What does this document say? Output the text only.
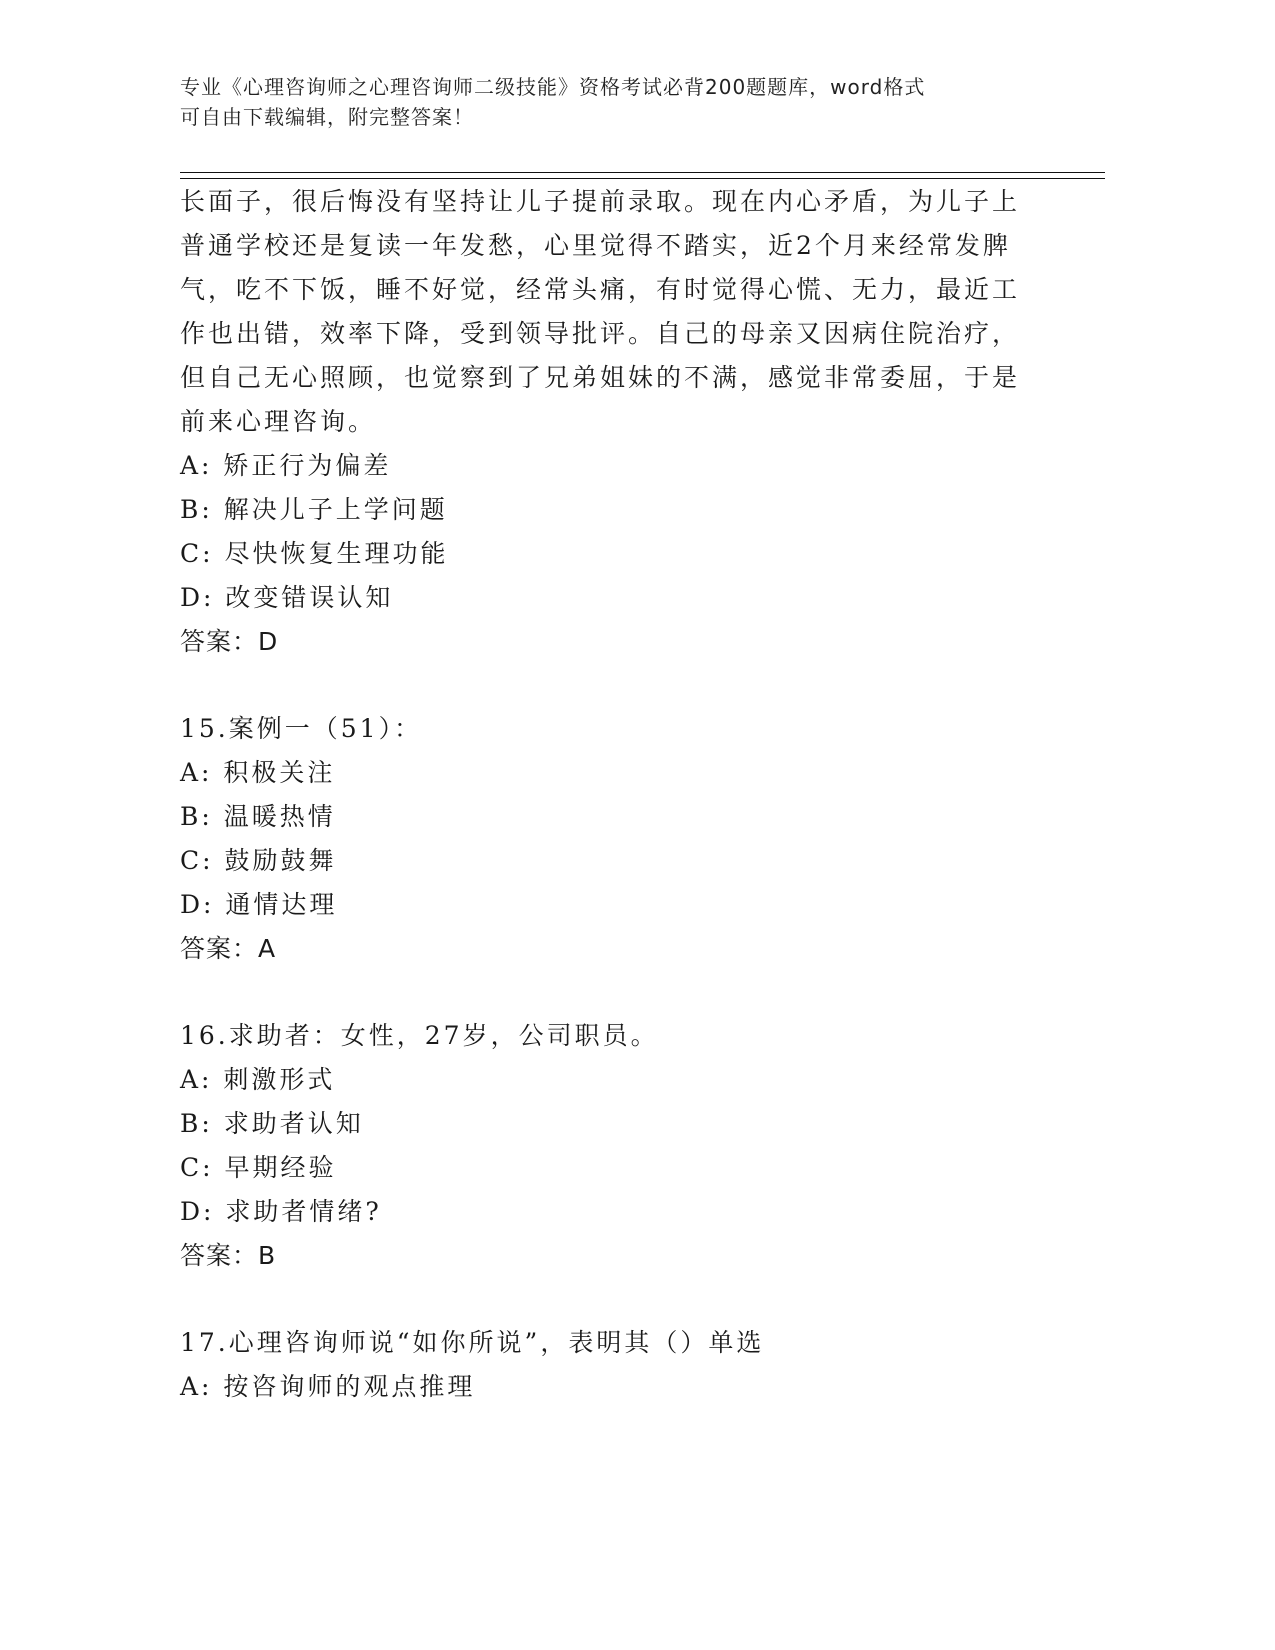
专业《心理咨询师之心理咨询师二级技能》资格考试必背200题题库，word格式
可自由下载编辑，附完整答案！
长面子，很后悔没有坚持让儿子提前录取。现在内心矛盾，为儿子上
普通学校还是复读一年发愁，心里觉得不踏实，近2个月来经常发脾
气，吃不下饭，睡不好觉，经常头痛，有时觉得心慌、无力，最近工
作也出错，效率下降，受到领导批评。自己的母亲又因病住院治疗，
但自己无心照顾，也觉察到了兄弟姐妹的不满，感觉非常委屈，于是
前来心理咨询。
A: 矫正行为偏差
B: 解决儿子上学问题
C: 尽快恢复生理功能
D: 改变错误认知
答案：D
15.案例一（51）：
A: 积极关注
B: 温暖热情
C: 鼓励鼓舞
D: 通情达理
答案：A
16.求助者：女性，27岁，公司职员。
A: 刺激形式
B: 求助者认知
C: 早期经验
D: 求助者情绪?
答案：B
17.心理咨询师说“如你所说”，表明其（）单选
A: 按咨询师的观点推理
